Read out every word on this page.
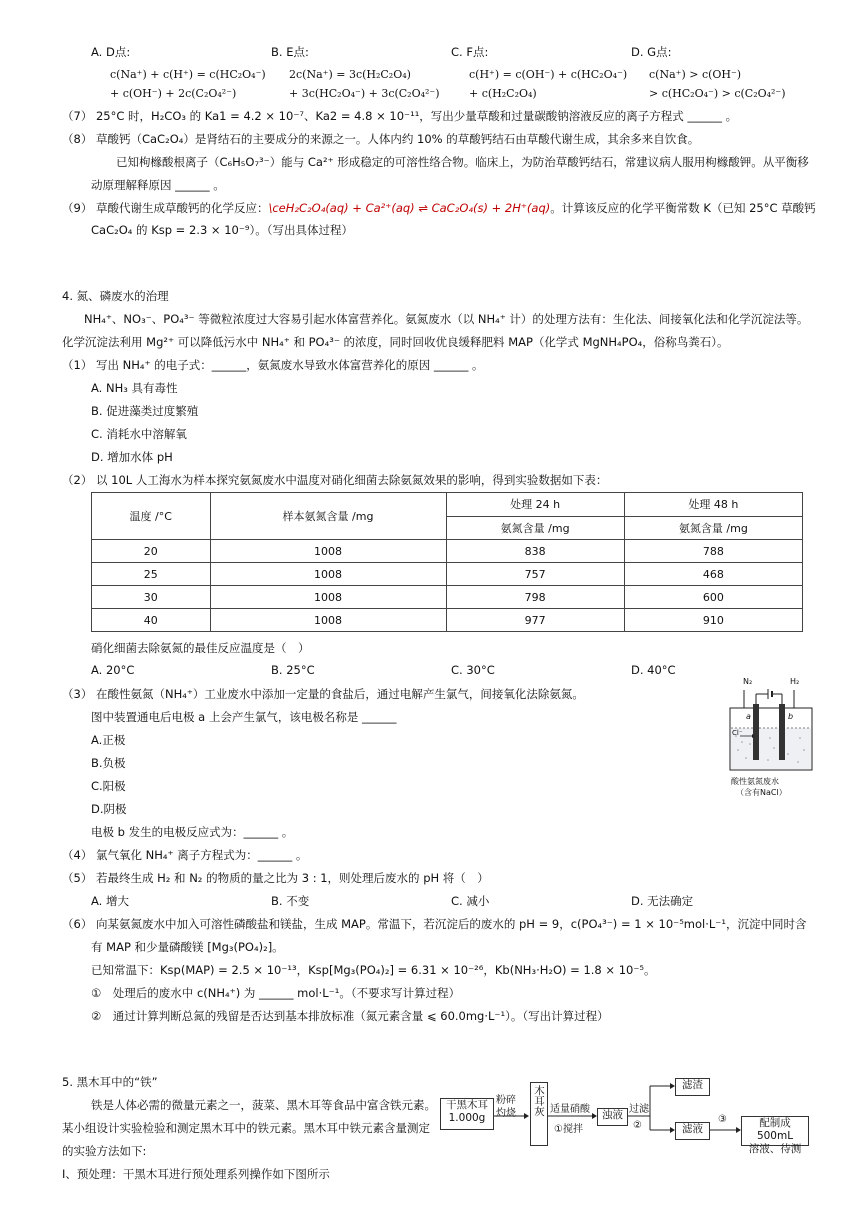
A. D点:
c(Na⁺) + c(H⁺) = c(HC₂O₄⁻)
+ c(OH⁻) + 2c(C₂O₄²⁻)
B. E点:
2c(Na⁺) = 3c(H₂C₂O₄)
+ 3c(HC₂O₄⁻) + 3c(C₂O₄²⁻)
C. F点:
c(H⁺) = c(OH⁻) + c(HC₂O₄⁻)
+ c(H₂C₂O₄)
D. G点:
c(Na⁺) > c(OH⁻)
> c(HC₂O₄⁻) > c(C₂O₄²⁻)
（7） 25°C 时，H₂CO₃ 的 Ka1 = 4.2 × 10⁻⁷、Ka2 = 4.8 × 10⁻¹¹，写出少量草酸和过量碳酸钠溶液反应的离子方程式 ______ 。
（8） 草酸钙（CaC₂O₄）是肾结石的主要成分的来源之一。人体内约 10% 的草酸钙结石由草酸代谢生成，其余多来自饮食。
已知枸橼酸根离子（C₆H₅O₇³⁻）能与 Ca²⁺ 形成稳定的可溶性络合物。临床上，为防治草酸钙结石，常建议病人服用枸橼酸钾。从平衡移
动原理解释原因 ______ 。
（9） 草酸代谢生成草酸钙的化学反应：\ceH₂C₂O₄(aq) + Ca²⁺(aq) ⇌ CaC₂O₄(s) + 2H⁺(aq)。计算该反应的化学平衡常数 K（已知 25°C 草酸钙
CaC₂O₄ 的 Ksp = 2.3 × 10⁻⁹）。（写出具体过程）
4. 氮、磷废水的治理
NH₄⁺、NO₃⁻、PO₄³⁻ 等微粒浓度过大容易引起水体富营养化。氨氮废水（以 NH₄⁺ 计）的处理方法有：生化法、间接氧化法和化学沉淀法等。
化学沉淀法利用 Mg²⁺ 可以降低污水中 NH₄⁺ 和 PO₄³⁻ 的浓度，同时回收优良缓释肥料 MAP（化学式 MgNH₄PO₄，俗称鸟粪石）。
（1） 写出 NH₄⁺ 的电子式：______，氨氮废水导致水体富营养化的原因 ______ 。
A. NH₃ 具有毒性
B. 促进藻类过度繁殖
C. 消耗水中溶解氧
D. 增加水体 pH
（2） 以 10L 人工海水为样本探究氨氮废水中温度对硝化细菌去除氨氮效果的影响，得到实验数据如下表：
温度 /°C	样本氨氮含量 /mg	处理 24 h	处理 48 h
		氨氮含量 /mg	氨氮含量 /mg
20	1008	838	788
25	1008	757	468
30	1008	798	600
40	1008	977	910
硝化细菌去除氨氮的最佳反应温度是（　）
A. 20°C	B. 25°C	C. 30°C	D. 40°C
（3） 在酸性氨氮（NH₄⁺）工业废水中添加一定量的食盐后，通过电解产生氯气，间接氧化法除氨氮。
图中装置通电后电极 a 上会产生氯气，该电极名称是 ______
A.正极
B.负极
C.阳极
D.阴极
电极 b 发生的电极反应式为：______ 。
N₂	H₂
a	b
Cl⁻
酸性氨氮废水
（含有NaCl）
（4） 氯气氧化 NH₄⁺ 离子方程式为：______ 。
（5） 若最终生成 H₂ 和 N₂ 的物质的量之比为 3 : 1，则处理后废水的 pH 将（　）
A. 增大	B. 不变	C. 减小	D. 无法确定
（6） 向某氨氮废水中加入可溶性磷酸盐和镁盐，生成 MAP。常温下，若沉淀后的废水的 pH = 9，c(PO₄³⁻) = 1 × 10⁻⁵mol·L⁻¹，沉淀中同时含
有 MAP 和少量磷酸镁 [Mg₃(PO₄)₂]。
已知常温下：Ksp(MAP) = 2.5 × 10⁻¹³，Ksp[Mg₃(PO₄)₂] = 6.31 × 10⁻²⁶，Kb(NH₃·H₂O) = 1.8 × 10⁻⁵。
①　处理后的废水中 c(NH₄⁺) 为 ______ mol·L⁻¹。（不要求写计算过程）
②　通过计算判断总氮的残留是否达到基本排放标准（氮元素含量 ⩽ 60.0mg·L⁻¹）。（写出计算过程）
5. 黑木耳中的“铁”
铁是人体必需的微量元素之一，菠菜、黑木耳等食品中富含铁元素。
某小组设计实验检验和测定黑木耳中的铁元素。黑木耳中铁元素含量测定
的实验方法如下:
Ⅰ、预处理：干黑木耳进行预处理系列操作如下图所示
干黑木耳
1.000g
粉碎
灼烧 木耳灰 适量硝酸
①搅拌
浊液 过滤
②
滤渣
滤液
③	配制成500mL
溶液、待测
